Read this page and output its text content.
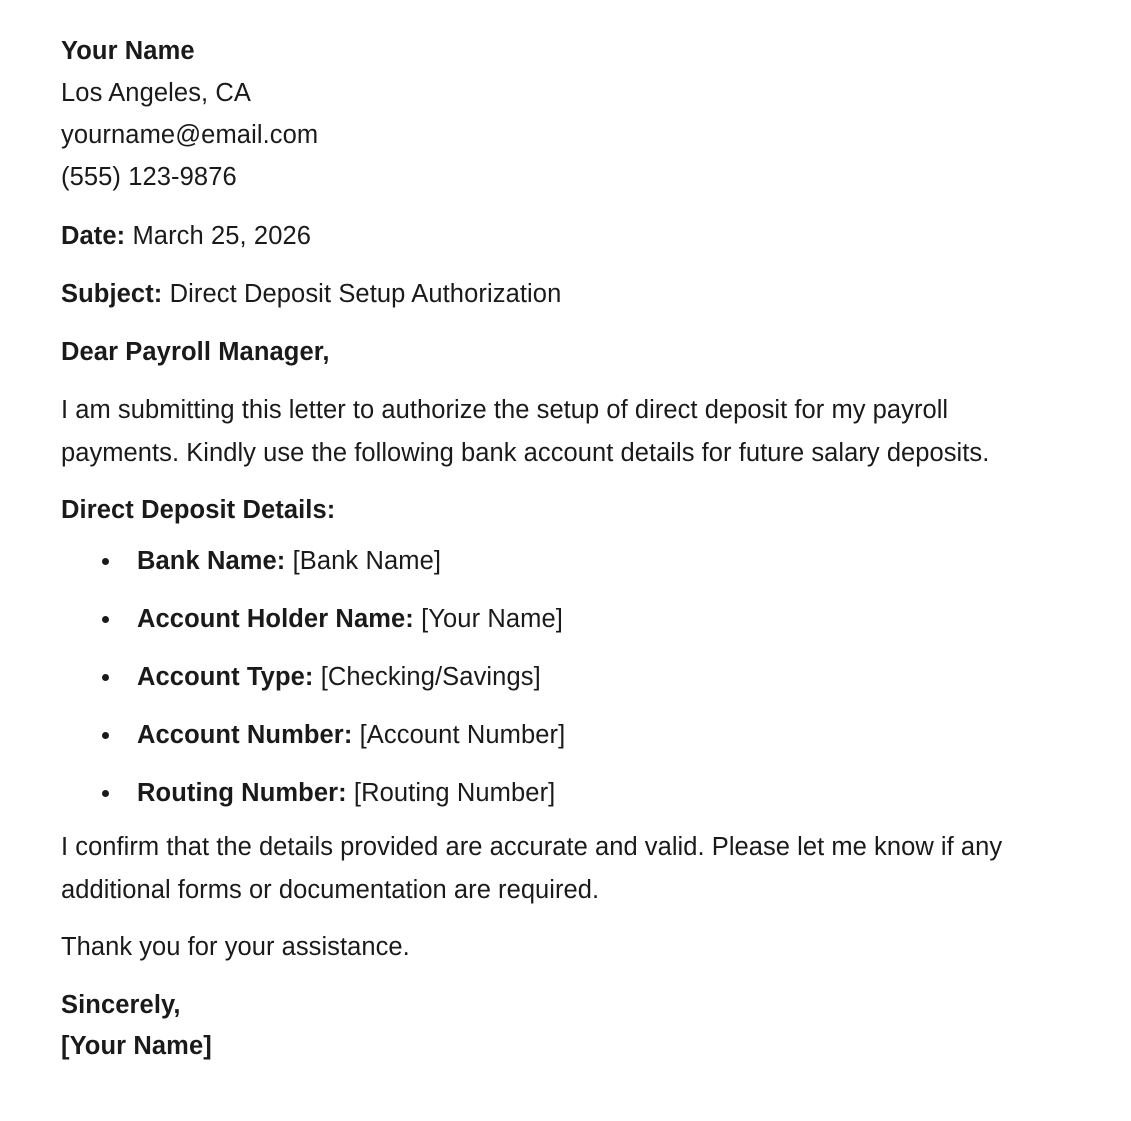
Your Name
Los Angeles, CA
yourname@email.com
(555) 123-9876
Date: March 25, 2026
Subject: Direct Deposit Setup Authorization
Dear Payroll Manager,
I am submitting this letter to authorize the setup of direct deposit for my payroll payments. Kindly use the following bank account details for future salary deposits.
Direct Deposit Details:
Bank Name: [Bank Name]
Account Holder Name: [Your Name]
Account Type: [Checking/Savings]
Account Number: [Account Number]
Routing Number: [Routing Number]
I confirm that the details provided are accurate and valid. Please let me know if any additional forms or documentation are required.
Thank you for your assistance.
Sincerely,
[Your Name]
